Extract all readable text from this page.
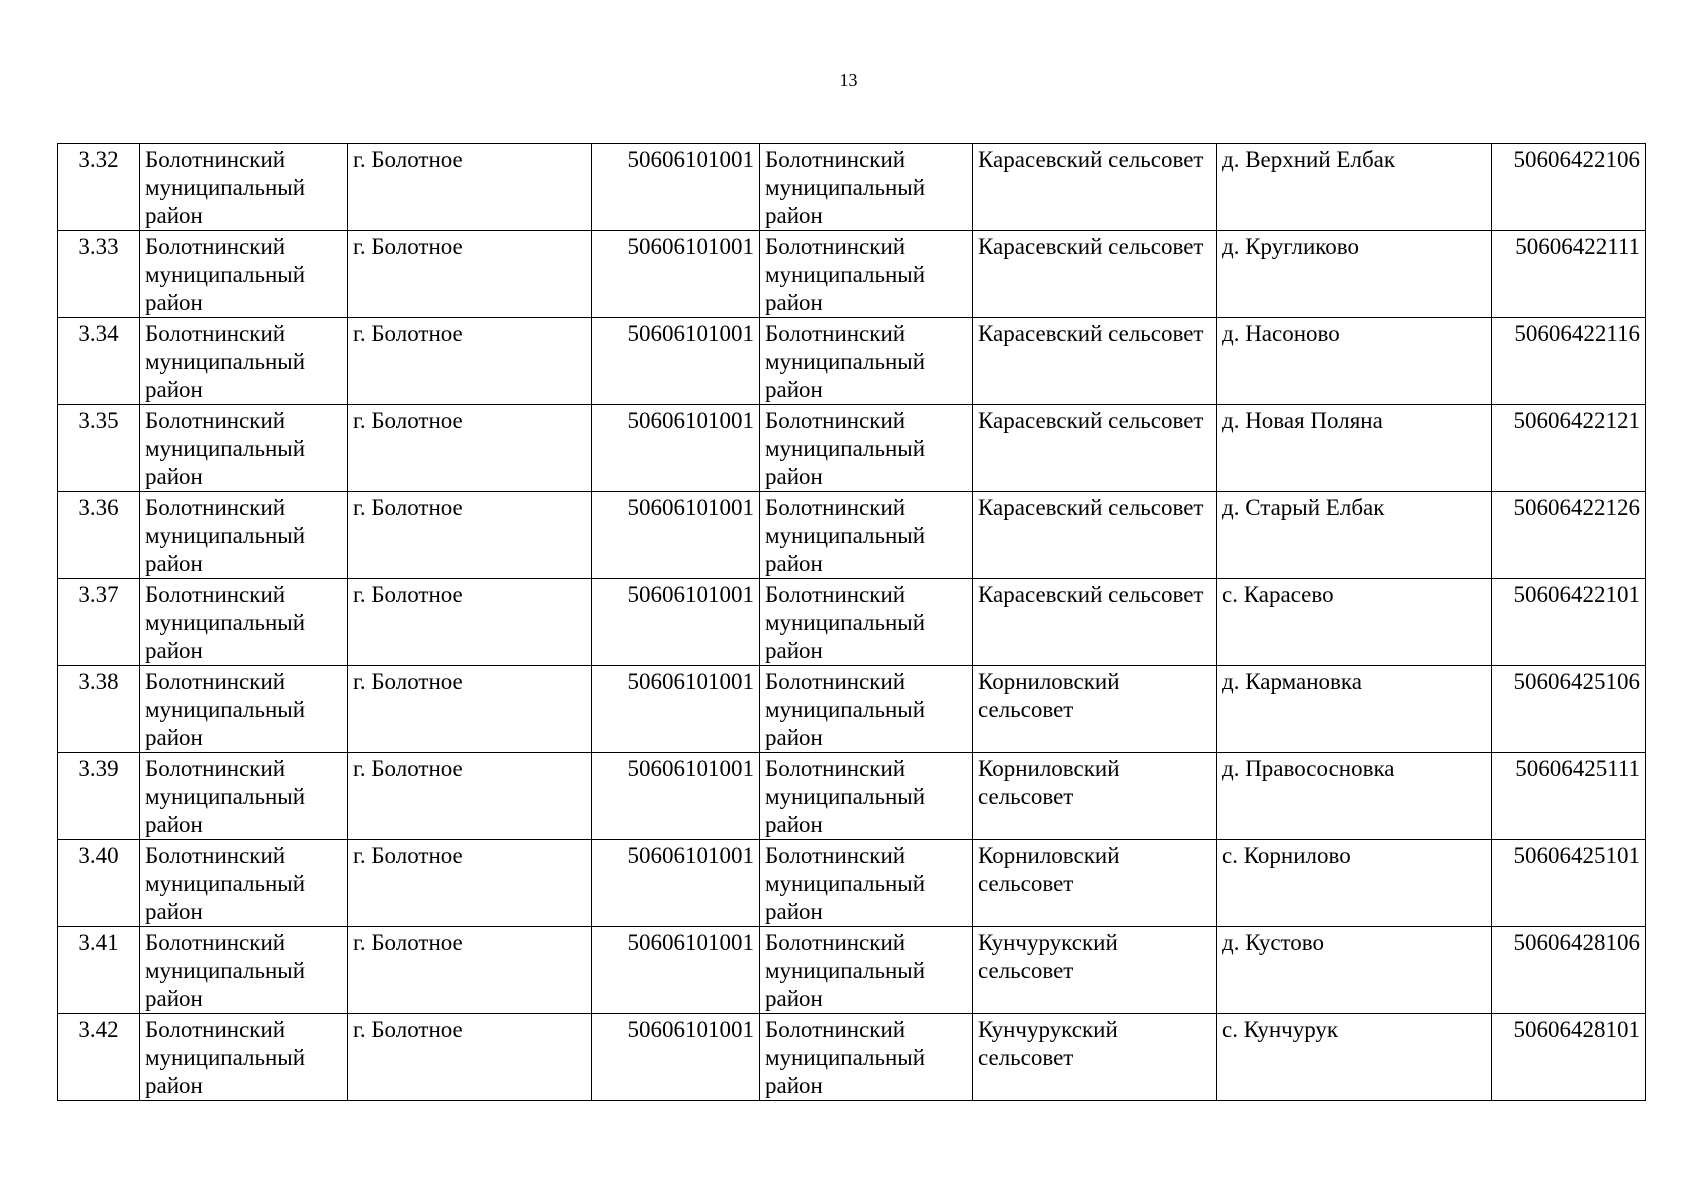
13
3.32	Болотнинский муниципальный район	г. Болотное	50606101001	Болотнинский муниципальный район	Карасевский сельсовет	д. Верхний Елбак	50606422106
3.33	Болотнинский муниципальный район	г. Болотное	50606101001	Болотнинский муниципальный район	Карасевский сельсовет	д. Кругликово	50606422111
3.34	Болотнинский муниципальный район	г. Болотное	50606101001	Болотнинский муниципальный район	Карасевский сельсовет	д. Насоново	50606422116
3.35	Болотнинский муниципальный район	г. Болотное	50606101001	Болотнинский муниципальный район	Карасевский сельсовет	д. Новая Поляна	50606422121
3.36	Болотнинский муниципальный район	г. Болотное	50606101001	Болотнинский муниципальный район	Карасевский сельсовет	д. Старый Елбак	50606422126
3.37	Болотнинский муниципальный район	г. Болотное	50606101001	Болотнинский муниципальный район	Карасевский сельсовет	с. Карасево	50606422101
3.38	Болотнинский муниципальный район	г. Болотное	50606101001	Болотнинский муниципальный район	Корниловский сельсовет	д. Кармановка	50606425106
3.39	Болотнинский муниципальный район	г. Болотное	50606101001	Болотнинский муниципальный район	Корниловский сельсовет	д. Правососновка	50606425111
3.40	Болотнинский муниципальный район	г. Болотное	50606101001	Болотнинский муниципальный район	Корниловский сельсовет	с. Корнилово	50606425101
3.41	Болотнинский муниципальный район	г. Болотное	50606101001	Болотнинский муниципальный район	Кунчурукский сельсовет	д. Кустово	50606428106
3.42	Болотнинский муниципальный район	г. Болотное	50606101001	Болотнинский муниципальный район	Кунчурукский сельсовет	с. Кунчурук	50606428101
